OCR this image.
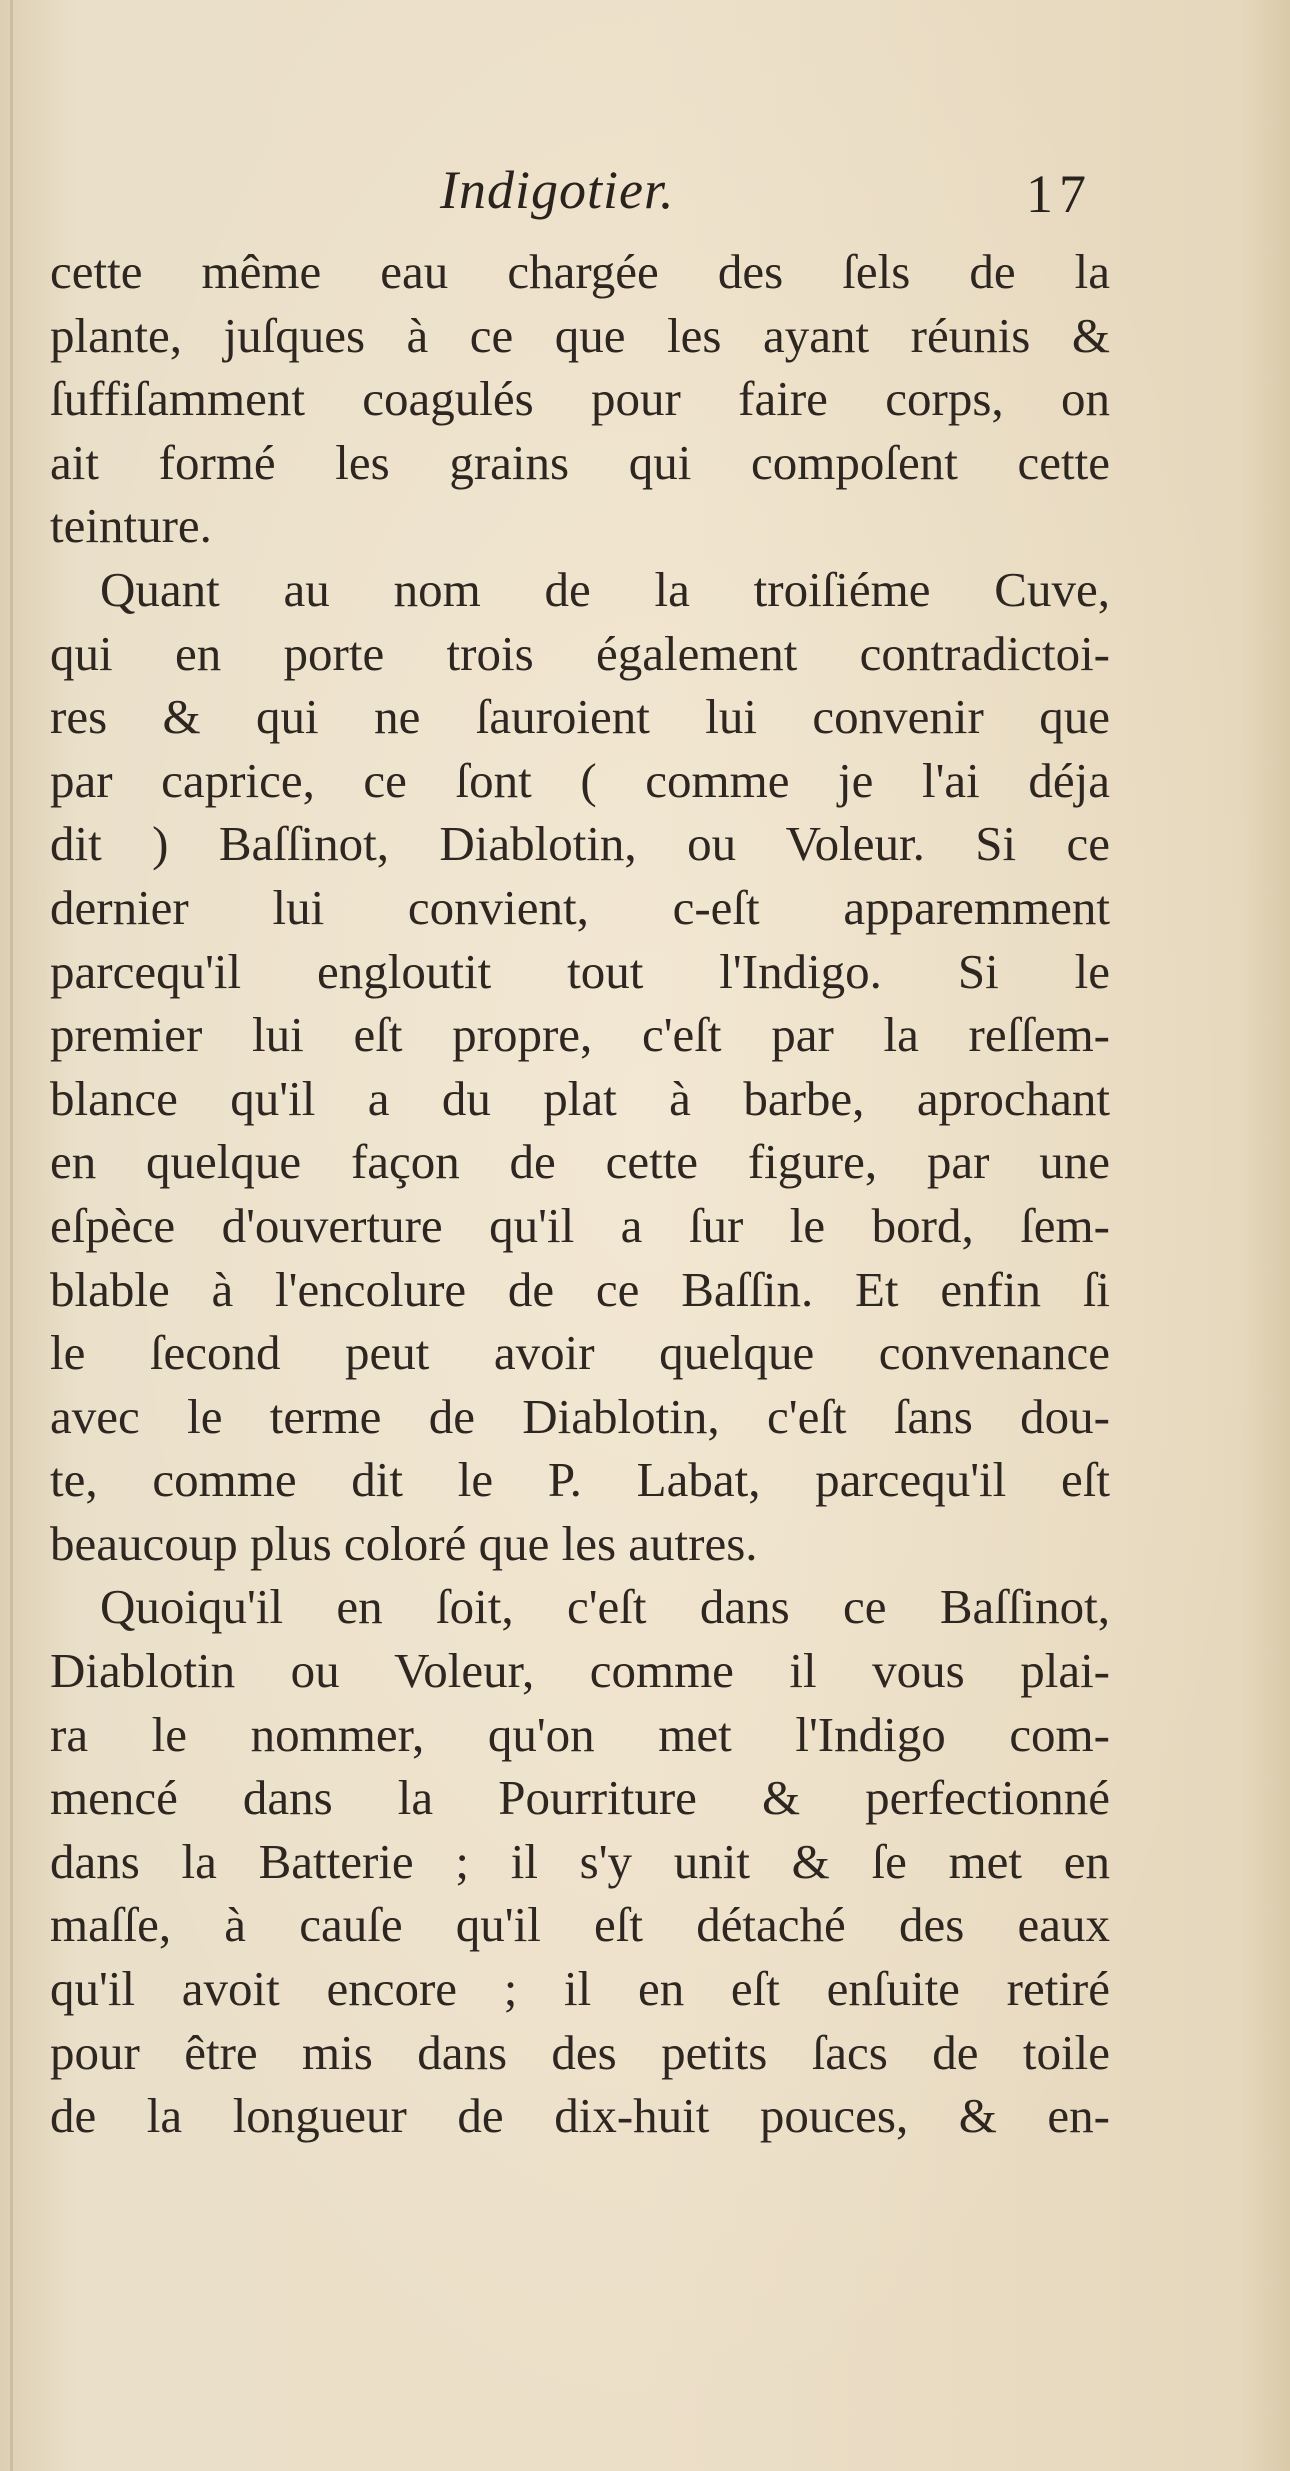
Indigotier.	17
cette même eau chargée des ſels de la
plante, juſques à ce que les ayant réunis &
ſuffiſamment coagulés pour faire corps, on
ait formé les grains qui compoſent cette
teinture.
Quant au nom de la troiſiéme Cuve,
qui en porte trois également contradictoi-
res & qui ne ſauroient lui convenir que
par caprice, ce ſont ( comme je l'ai déja
dit ) Baſſinot, Diablotin, ou Voleur. Si ce
dernier lui convient, c-eſt apparemment
parcequ'il engloutit tout l'Indigo. Si le
premier lui eſt propre, c'eſt par la reſſem-
blance qu'il a du plat à barbe, aprochant
en quelque façon de cette figure, par une
eſpèce d'ouverture qu'il a ſur le bord, ſem-
blable à l'encolure de ce Baſſin. Et enfin ſi
le ſecond peut avoir quelque convenance
avec le terme de Diablotin, c'eſt ſans dou-
te, comme dit le P. Labat, parcequ'il eſt
beaucoup plus coloré que les autres.
Quoiqu'il en ſoit, c'eſt dans ce Baſſinot,
Diablotin ou Voleur, comme il vous plai-
ra le nommer, qu'on met l'Indigo com-
mencé dans la Pourriture & perfectionné
dans la Batterie ; il s'y unit & ſe met en
maſſe, à cauſe qu'il eſt détaché des eaux
qu'il avoit encore ; il en eſt enſuite retiré
pour être mis dans des petits ſacs de toile
de la longueur de dix-huit pouces, & en-
